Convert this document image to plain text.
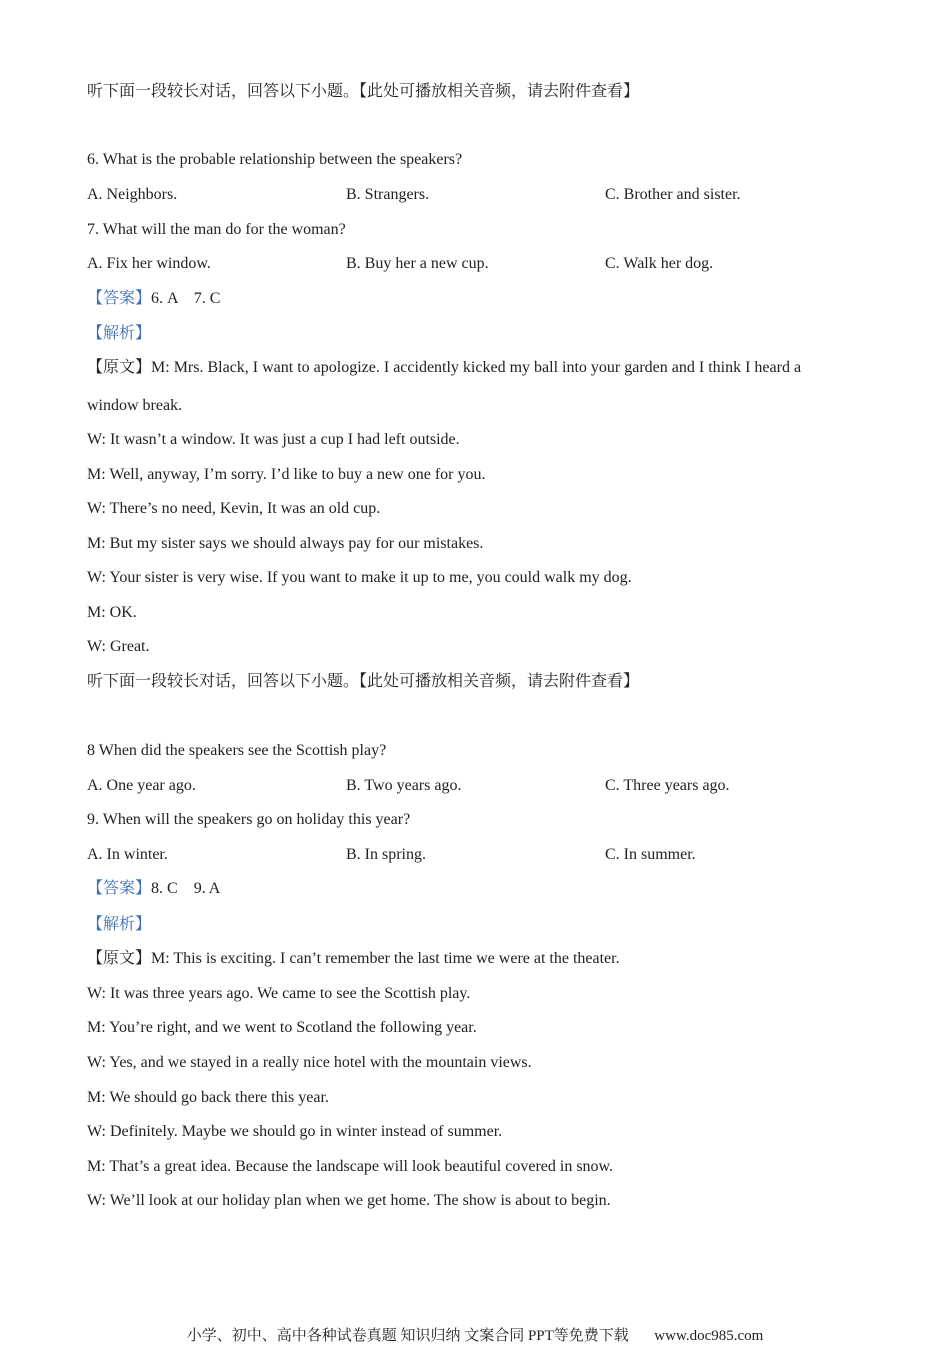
听下面一段较长对话，回答以下小题。【此处可播放相关音频，请去附件查看】
6. What is the probable relationship between the speakers?
A. Neighbors.	B. Strangers.	C. Brother and sister.
7. What will the man do for the woman?
A. Fix her window.	B. Buy her a new cup.	C. Walk her dog.
【答案】6. A    7. C
【解析】
【原文】M: Mrs. Black, I want to apologize. I accidently kicked my ball into your garden and I think I heard a
window break.
W: It wasn’t a window. It was just a cup I had left outside.
M: Well, anyway, I’m sorry. I’d like to buy a new one for you.
W: There’s no need, Kevin, It was an old cup.
M: But my sister says we should always pay for our mistakes.
W: Your sister is very wise. If you want to make it up to me, you could walk my dog.
M: OK.
W: Great.
听下面一段较长对话，回答以下小题。【此处可播放相关音频，请去附件查看】
8 When did the speakers see the Scottish play?
A. One year ago.	B. Two years ago.	C. Three years ago.
9. When will the speakers go on holiday this year?
A. In winter.	B. In spring.	C. In summer.
【答案】8. C    9. A
【解析】
【原文】M: This is exciting. I can’t remember the last time we were at the theater.
W: It was three years ago. We came to see the Scottish play.
M: You’re right, and we went to Scotland the following year.
W: Yes, and we stayed in a really nice hotel with the mountain views.
M: We should go back there this year.
W: Definitely. Maybe we should go in winter instead of summer.
M: That’s a great idea. Because the landscape will look beautiful covered in snow.
W: We’ll look at our holiday plan when we get home. The show is about to begin.
小学、初中、高中各种试卷真题 知识归纳 文案合同 PPT等免费下载 www.doc985.com
